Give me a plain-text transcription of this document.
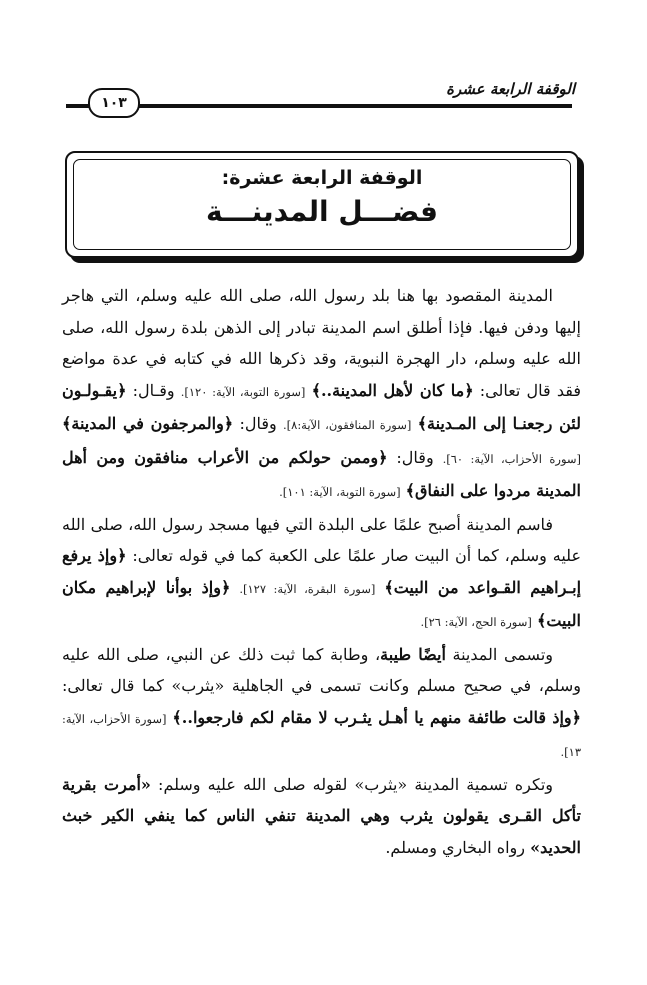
الوقفة الرابعة عشرة
١٠٣
الوقفة الرابعة عشرة:
فضـــل المدينـــة

المدينة المقصود بها هنا بلد رسول الله، صلى الله عليه وسلم، التي هاجر إليها ودفن فيها. فإذا أطلق اسم المدينة تبادر إلى الذهن بلدة رسول الله، صلى الله عليه وسلم، دار الهجرة النبوية، وقد ذكرها الله في كتابه في عدة مواضع فقد قال تعالى: ﴿ما كان لأهل المدينة..﴾ [سورة التوبة، الآية: ١٢٠]. وقـال: ﴿يقـولـون لئن رجعنـا إلى المـدينة﴾ [سورة المنافقون، الآية:٨]. وقال: ﴿والمرجفون في المدينة﴾ [سورة الأحزاب، الآية: ٦٠]. وقال: ﴿وممن حولكم من الأعراب منافقون ومن أهل المدينة مردوا على النفاق﴾ [سورة التوبة، الآية: ١٠١].

فاسم المدينة أصبح علمًا على البلدة التي فيها مسجد رسول الله، صلى الله عليه وسلم، كما أن البيت صار علمًا على الكعبة كما في قوله تعالى: ﴿وإذ يرفع إبـراهيم القـواعد من البيت﴾ [سورة البقرة، الآية: ١٢٧]. ﴿وإذ بوأنا لإبراهيم مكان البيت﴾ [سورة الحج، الآية: ٢٦].

وتسمى المدينة أيضًا طيبة، وطابة كما ثبت ذلك عن النبي، صلى الله عليه وسلم، في صحيح مسلم وكانت تسمى في الجاهلية «يثرب» كما قال تعالى: ﴿وإذ قالت طائفة منهم يا أهـل يثـرب لا مقام لكم فارجعوا..﴾ [سورة الأحزاب، الآية: ١٣].

وتكره تسمية المدينة «يثرب» لقوله صلى الله عليه وسلم: «أمرت بقرية تأكل القـرى يقولون يثرب وهي المدينة تنفي الناس كما ينفي الكير خبث الحديد» رواه البخاري ومسلم.
